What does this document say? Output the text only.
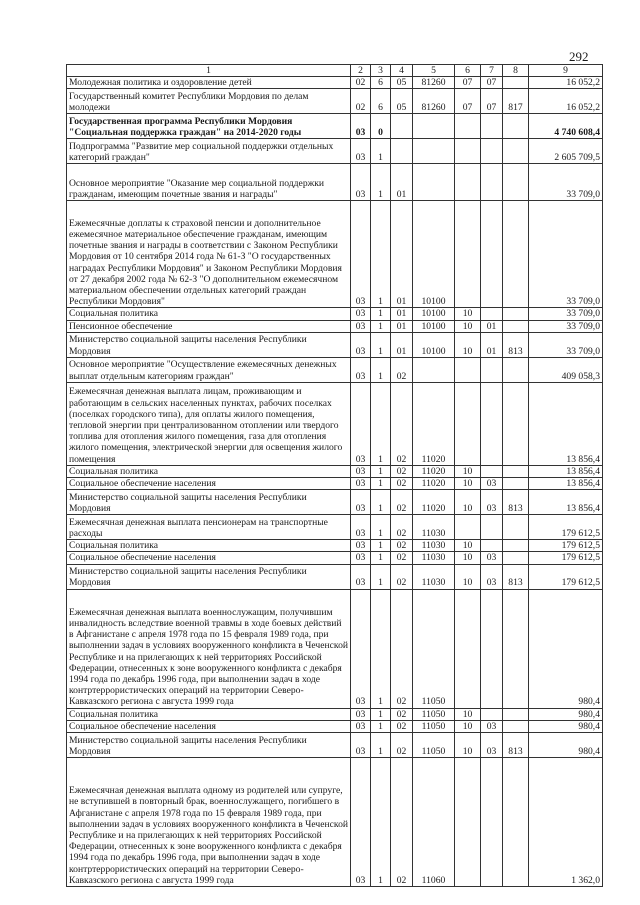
292
1	2	3	4	5	6	7	8	9
Молодежная политика и оздоровление детей	02	6	05	81260	07	07		16 052,2
Государственный комитет Республики Мордовия по делам молодежи	02	6	05	81260	07	07	817	16 052,2
Государственная программа Республики Мордовия "Социальная поддержка граждан" на 2014-2020 годы	03	0						4 740 608,4
Подпрограмма "Развитие мер социальной поддержки отдельных категорий граждан"	03	1						2 605 709,5
Основное мероприятие "Оказание мер социальной поддержки гражданам, имеющим почетные звания и награды"	03	1	01					33 709,0
Ежемесячные доплаты к страховой пенсии и дополнительное ежемесячное материальное обеспечение гражданам, имеющим почетные звания и награды в соответствии с Законом Республики Мордовия от 10 сентября 2014 года № 61-З "О государственных наградах Республики Мордовия" и Законом Республики Мордовия от 27 декабря 2002 года № 62-З "О дополнительном ежемесячном материальном обеспечении отдельных категорий граждан Республики Мордовия"	03	1	01	10100				33 709,0
Социальная политика	03	1	01	10100	10			33 709,0
Пенсионное обеспечение	03	1	01	10100	10	01		33 709,0
Министерство социальной защиты населения Республики Мордовия	03	1	01	10100	10	01	813	33 709,0
Основное мероприятие "Осуществление ежемесячных денежных выплат отдельным категориям граждан"	03	1	02					409 058,3
Ежемесячная денежная выплата лицам, проживающим и работающим в сельских населенных пунктах, рабочих поселках (поселках городского типа), для оплаты жилого помещения, тепловой энергии при централизованном отоплении или твердого топлива для отопления жилого помещения, газа для отопления жилого помещения, электрической энергии для освещения жилого помещения	03	1	02	11020				13 856,4
Социальная политика	03	1	02	11020	10			13 856,4
Социальное обеспечение населения	03	1	02	11020	10	03		13 856,4
Министерство социальной защиты населения Республики Мордовия	03	1	02	11020	10	03	813	13 856,4
Ежемесячная денежная выплата пенсионерам на транспортные расходы	03	1	02	11030				179 612,5
Социальная политика	03	1	02	11030	10			179 612,5
Социальное обеспечение населения	03	1	02	11030	10	03		179 612,5
Министерство социальной защиты населения Республики Мордовия	03	1	02	11030	10	03	813	179 612,5
Ежемесячная денежная выплата военнослужащим, получившим инвалидность вследствие военной травмы в ходе боевых действий в Афганистане с апреля 1978 года по 15 февраля 1989 года, при выполнении задач в условиях вооруженного конфликта в Чеченской Республике и на прилегающих к ней территориях Российской Федерации, отнесенных к зоне вооруженного конфликта с декабря 1994 года по декабрь 1996 года, при выполнении задач в ходе контртеррористических операций на территории Северо-Кавказского региона с августа 1999 года	03	1	02	11050				980,4
Социальная политика	03	1	02	11050	10			980,4
Социальное обеспечение населения	03	1	02	11050	10	03		980,4
Министерство социальной защиты населения Республики Мордовия	03	1	02	11050	10	03	813	980,4
Ежемесячная денежная выплата одному из родителей или супруге, не вступившей в повторный брак, военнослужащего, погибшего в Афганистане с апреля 1978 года по 15 февраля 1989 года, при выполнении задач в условиях вооруженного конфликта в Чеченской Республике и на прилегающих к ней территориях Российской Федерации, отнесенных к зоне вооруженного конфликта с декабря 1994 года по декабрь 1996 года, при выполнении задач в ходе контртеррористических операций на территории Северо-Кавказского региона с августа 1999 года	03	1	02	11060				1 362,0
